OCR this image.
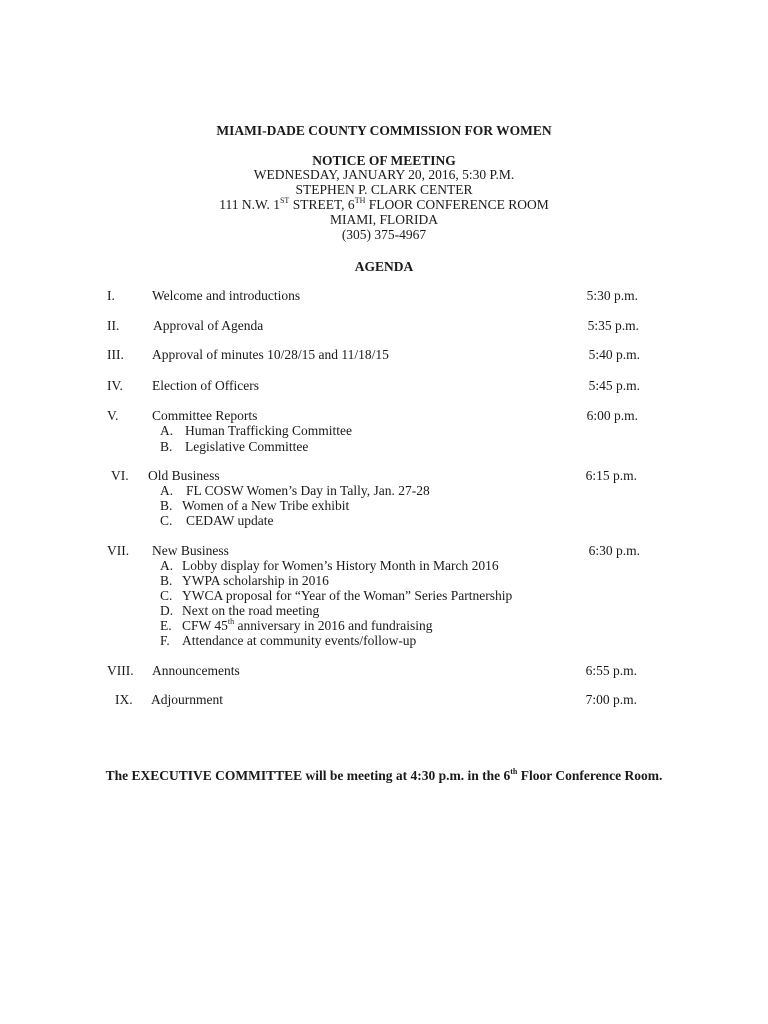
MIAMI-DADE COUNTY COMMISSION FOR WOMEN
NOTICE OF MEETING
WEDNESDAY, JANUARY 20, 2016, 5:30 P.M.
STEPHEN P. CLARK CENTER
111 N.W. 1ST STREET, 6TH FLOOR CONFERENCE ROOM
MIAMI, FLORIDA
(305) 375-4967
AGENDA
I.	Welcome and introductions	5:30 p.m.
II. Approval of Agenda	5:35 p.m.
III. Approval of minutes 10/28/15 and 11/18/15	5:40 p.m.
IV. Election of Officers	5:45 p.m.
V. Committee Reports	6:00 p.m.
A. Human Trafficking Committee
B. Legislative Committee
VI. Old Business	6:15 p.m.
A. FL COSW Women’s Day in Tally, Jan. 27-28
B. Women of a New Tribe exhibit
C. CEDAW update
VII. New Business	6:30 p.m.
A. Lobby display for Women’s History Month in March 2016
B. YWPA scholarship in 2016
C. YWCA proposal for “Year of the Woman” Series Partnership
D. Next on the road meeting
E. CFW 45th anniversary in 2016 and fundraising
F. Attendance at community events/follow-up
VIII. Announcements	6:55 p.m.
IX. Adjournment	7:00 p.m.
The EXECUTIVE COMMITTEE will be meeting at 4:30 p.m. in the 6th Floor Conference Room.
